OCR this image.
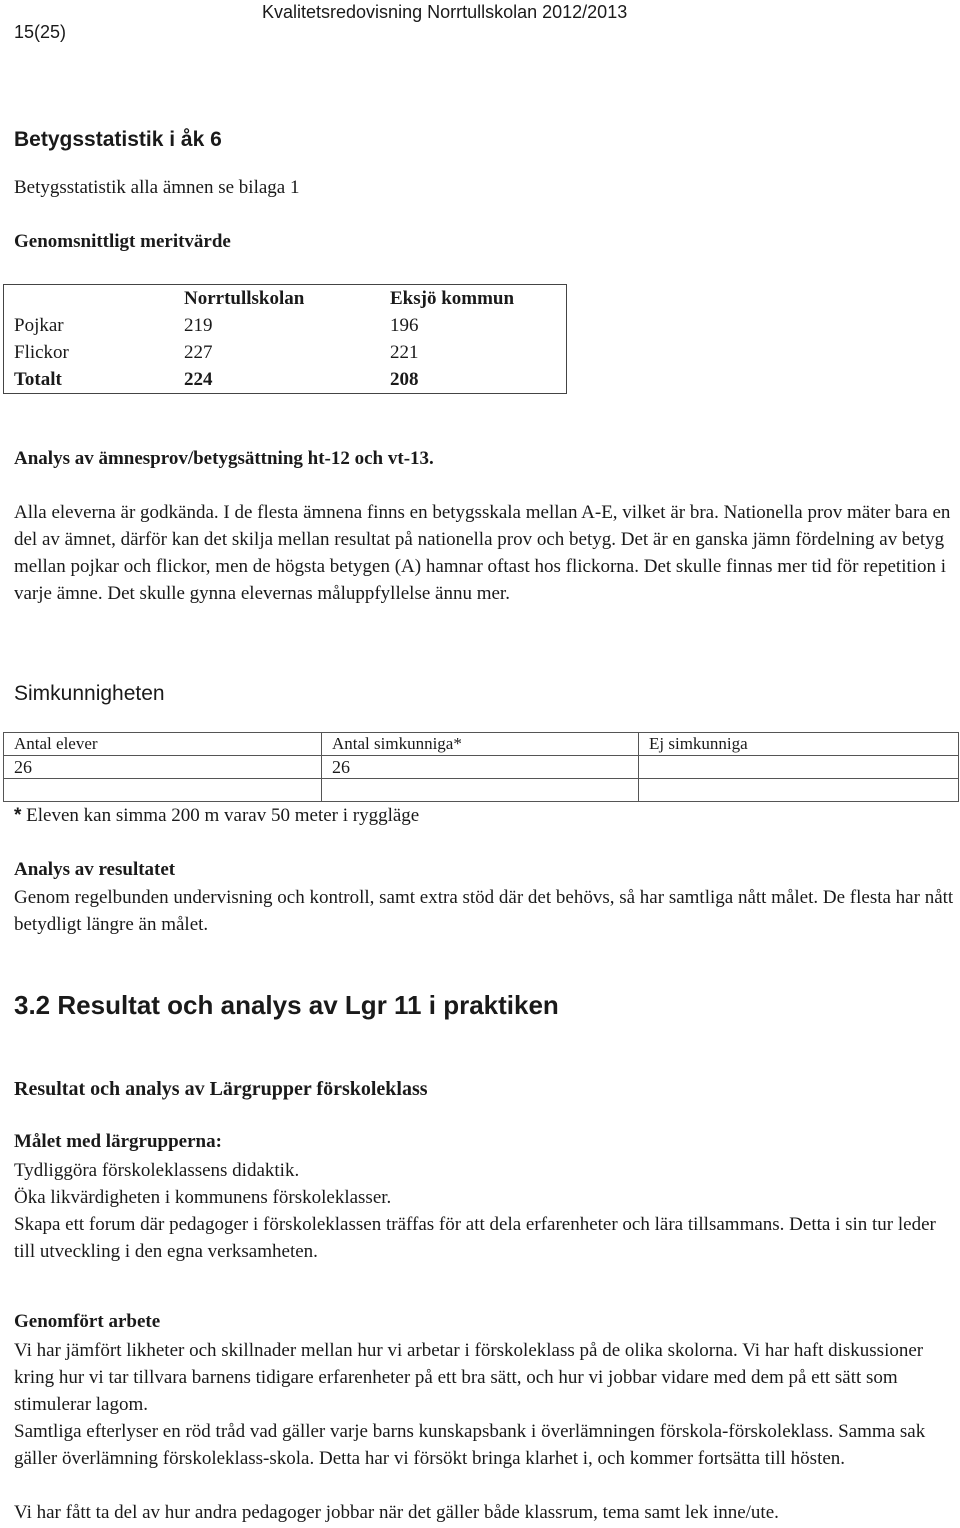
15(25)
Kvalitetsredovisning Norrtullskolan 2012/2013
Betygsstatistik i åk 6
Betygsstatistik alla ämnen se bilaga 1
Genomsnittligt meritvärde
	Norrtullskolan	Eksjö kommun
Pojkar	219	196
Flickor	227	221
Totalt	224	208
Analys av ämnesprov/betygsättning ht-12 och vt-13.
Alla eleverna är godkända. I de flesta ämnena finns en betygsskala mellan A-E, vilket är bra. Nationella prov mäter bara en del av ämnet, därför kan det skilja mellan resultat på nationella prov och betyg. Det är en ganska jämn fördelning av betyg mellan pojkar och flickor, men de högsta betygen (A) hamnar oftast hos flickorna. Det skulle finnas mer tid för repetition i varje ämne. Det skulle gynna elevernas måluppfyllelse ännu mer.
Simkunnigheten
Antal elever	Antal simkunniga*	Ej simkunniga
26	26	

* Eleven kan simma 200 m varav 50 meter i ryggläge
Analys av resultatet
Genom regelbunden undervisning och kontroll, samt extra stöd där det behövs, så har samtliga nått målet. De flesta har nått betydligt längre än målet.
3.2 Resultat och analys av Lgr 11 i praktiken
Resultat och analys av Lärgrupper förskoleklass
Målet med lärgrupperna:
Tydliggöra förskoleklassens didaktik.
Öka likvärdigheten i kommunens förskoleklasser.
Skapa ett forum där pedagoger i förskoleklassen träffas för att dela erfarenheter och lära tillsammans. Detta i sin tur leder till utveckling i den egna verksamheten.
Genomfört arbete
Vi har jämfört likheter och skillnader mellan hur vi arbetar i förskoleklass på de olika skolorna. Vi har haft diskussioner kring hur vi tar tillvara barnens tidigare erfarenheter på ett bra sätt, och hur vi jobbar vidare med dem på ett sätt som stimulerar lagom.
Samtliga efterlyser en röd tråd vad gäller varje barns kunskapsbank i överlämningen förskola-förskoleklass. Samma sak gäller överlämning förskoleklass-skola. Detta har vi försökt bringa klarhet i, och kommer fortsätta till hösten.
Vi har fått ta del av hur andra pedagoger jobbar när det gäller både klassrum, tema samt lek inne/ute.
